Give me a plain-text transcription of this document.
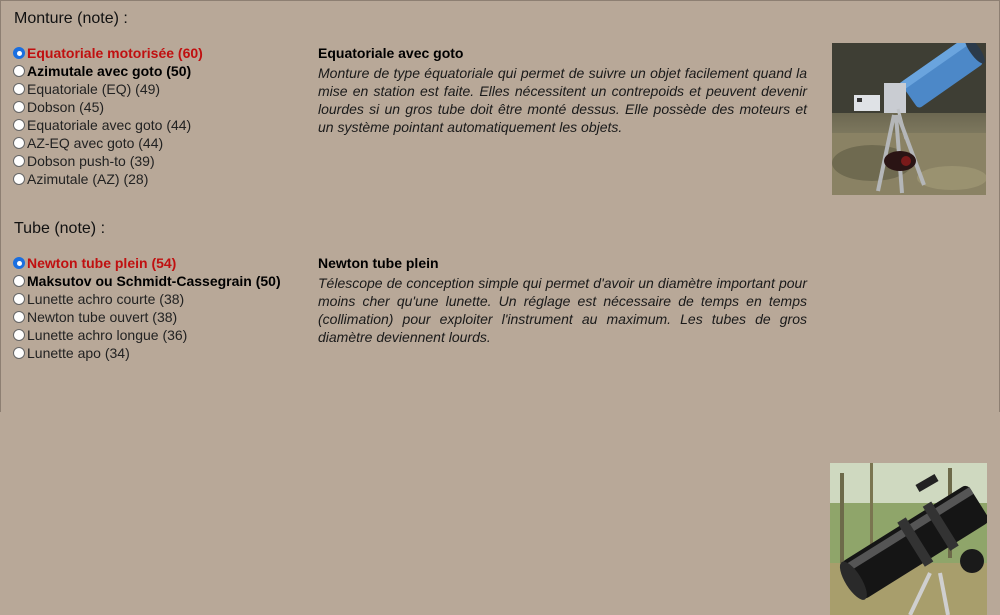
Monture (note) :
Equatoriale motorisée (60)
Azimutale avec goto (50)
Equatoriale (EQ) (49)
Dobson (45)
Equatoriale avec goto (44)
AZ-EQ avec goto (44)
Dobson push-to (39)
Azimutale (AZ) (28)

Equatoriale avec goto

Monture de type équatoriale qui permet de suivre un objet facilement quand la mise en station est faite. Elles nécessitent un contrepoids et peuvent devenir lourdes si un gros tube doit être monté dessus. Elle possède des moteurs et un système pointant automatiquement les objets.

Tube (note) :
Newton tube plein (54)
Maksutov ou Schmidt-Cassegrain (50)
Lunette achro courte (38)
Newton tube ouvert (38)
Lunette achro longue (36)
Lunette apo (34)

Newton tube plein

Télescope de conception simple qui permet d'avoir un diamètre important pour moins cher qu'une lunette. Un réglage est nécessaire de temps en temps (collimation) pour exploiter l'instrument au maximum. Les tubes de gros diamètre deviennent lourds.
